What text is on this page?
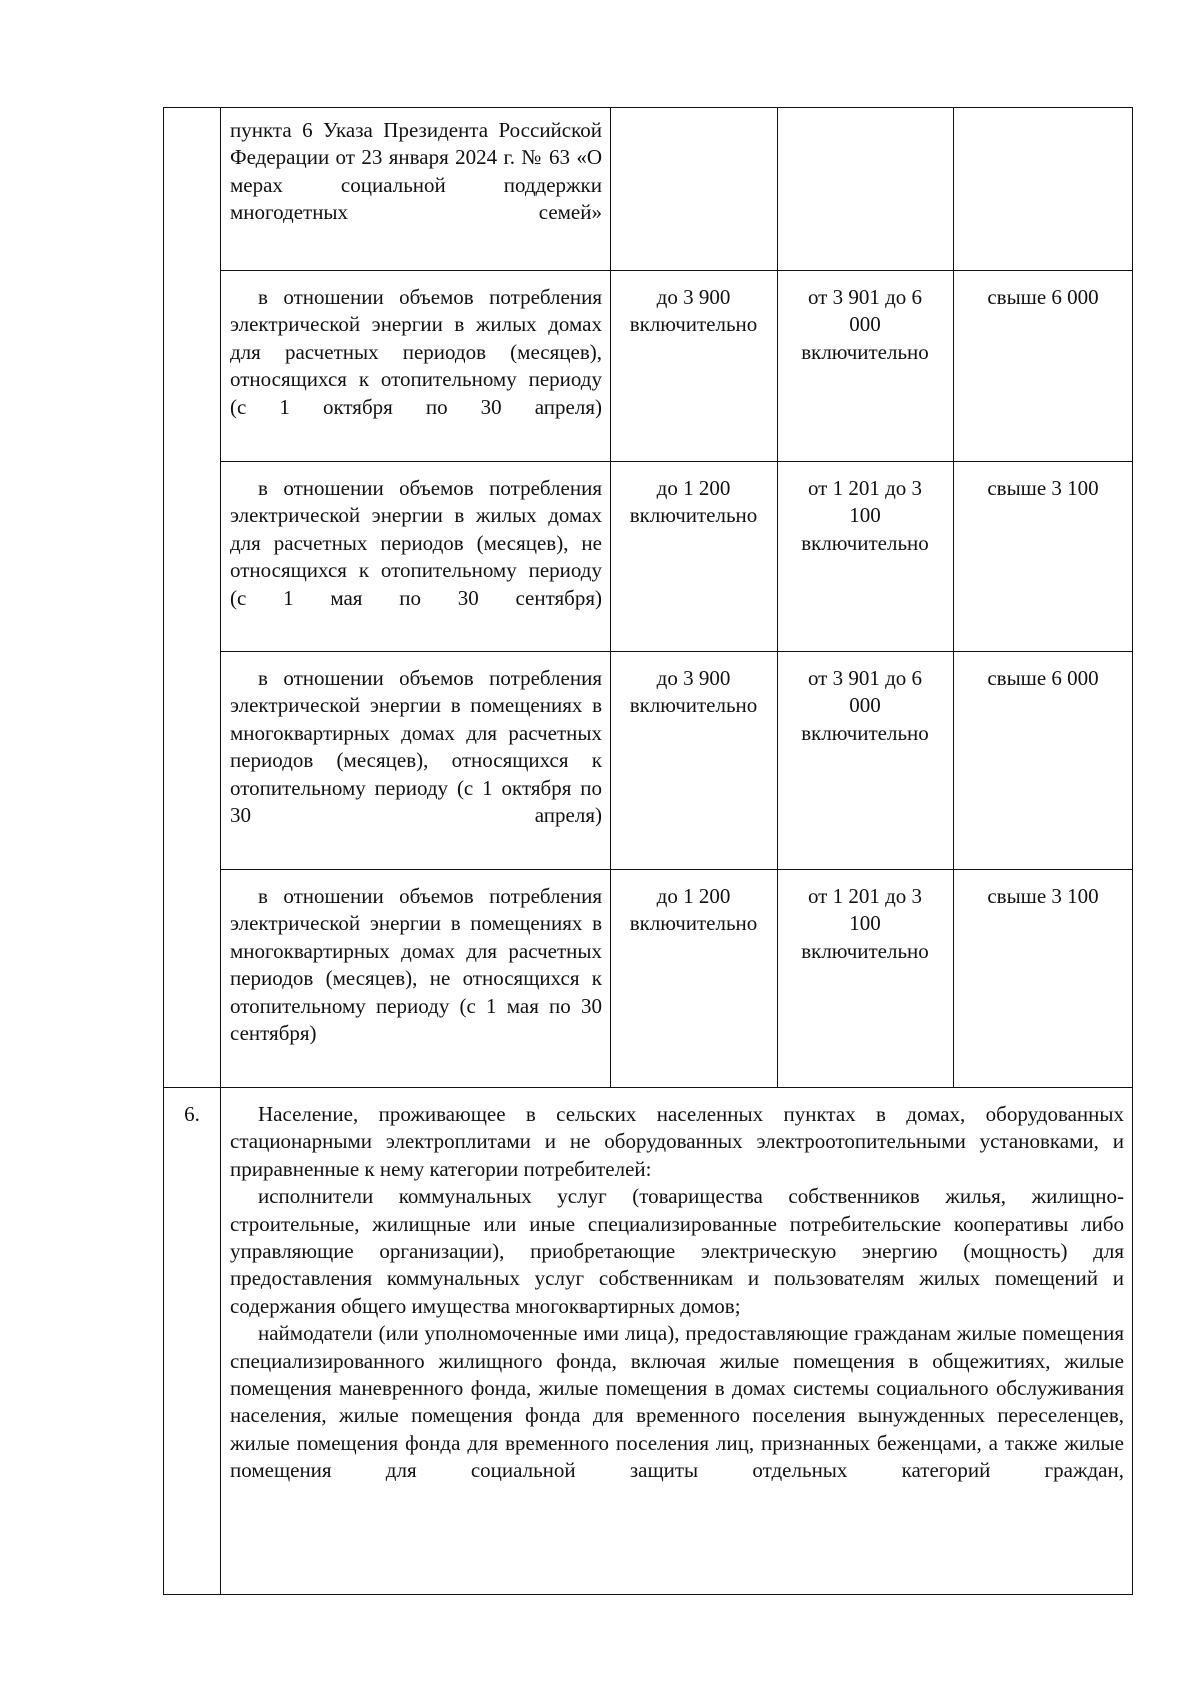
пункта 6 Указа Президента Российской Федерации от 23 января 2024 г. № 63 «О мерах социальной поддержки многодетных семей»
в отношении объемов потребления электрической энергии в жилых домах для расчетных периодов (месяцев), относящихся к отопительному периоду (с 1 октября по 30 апреля)
до 3 900 включительно
от 3 901 до 6 000 включительно
свыше 6 000
в отношении объемов потребления электрической энергии в жилых домах для расчетных периодов (месяцев), не относящихся к отопительному периоду (с 1 мая по 30 сентября)
до 1 200 включительно
от 1 201 до 3 100 включительно
свыше 3 100
в отношении объемов потребления электрической энергии в помещениях в многоквартирных домах для расчетных периодов (месяцев), относящихся к отопительному периоду (с 1 октября по 30 апреля)
до 3 900 включительно
от 3 901 до 6 000 включительно
свыше 6 000
в отношении объемов потребления электрической энергии в помещениях в многоквартирных домах для расчетных периодов (месяцев), не относящихся к отопительному периоду (с 1 мая по 30 сентября)
до 1 200 включительно
от 1 201 до 3 100 включительно
свыше 3 100
6.	Население, проживающее в сельских населенных пунктах в домах, оборудованных стационарными электроплитами и не оборудованных электроотопительными установками, и приравненные к нему категории потребителей:

исполнители коммунальных услуг (товарищества собственников жилья, жилищно-строительные, жилищные или иные специализированные потребительские кооперативы либо управляющие организации), приобретающие электрическую энергию (мощность) для предоставления коммунальных услуг собственникам и пользователям жилых помещений и содержания общего имущества многоквартирных домов;

наймодатели (или уполномоченные ими лица), предоставляющие гражданам жилые помещения специализированного жилищного фонда, включая жилые помещения в общежитиях, жилые помещения маневренного фонда, жилые помещения в домах системы социального обслуживания населения, жилые помещения фонда для временного поселения вынужденных переселенцев, жилые помещения фонда для временного поселения лиц, признанных беженцами, а также жилые помещения для социальной защиты отдельных категорий граждан,
